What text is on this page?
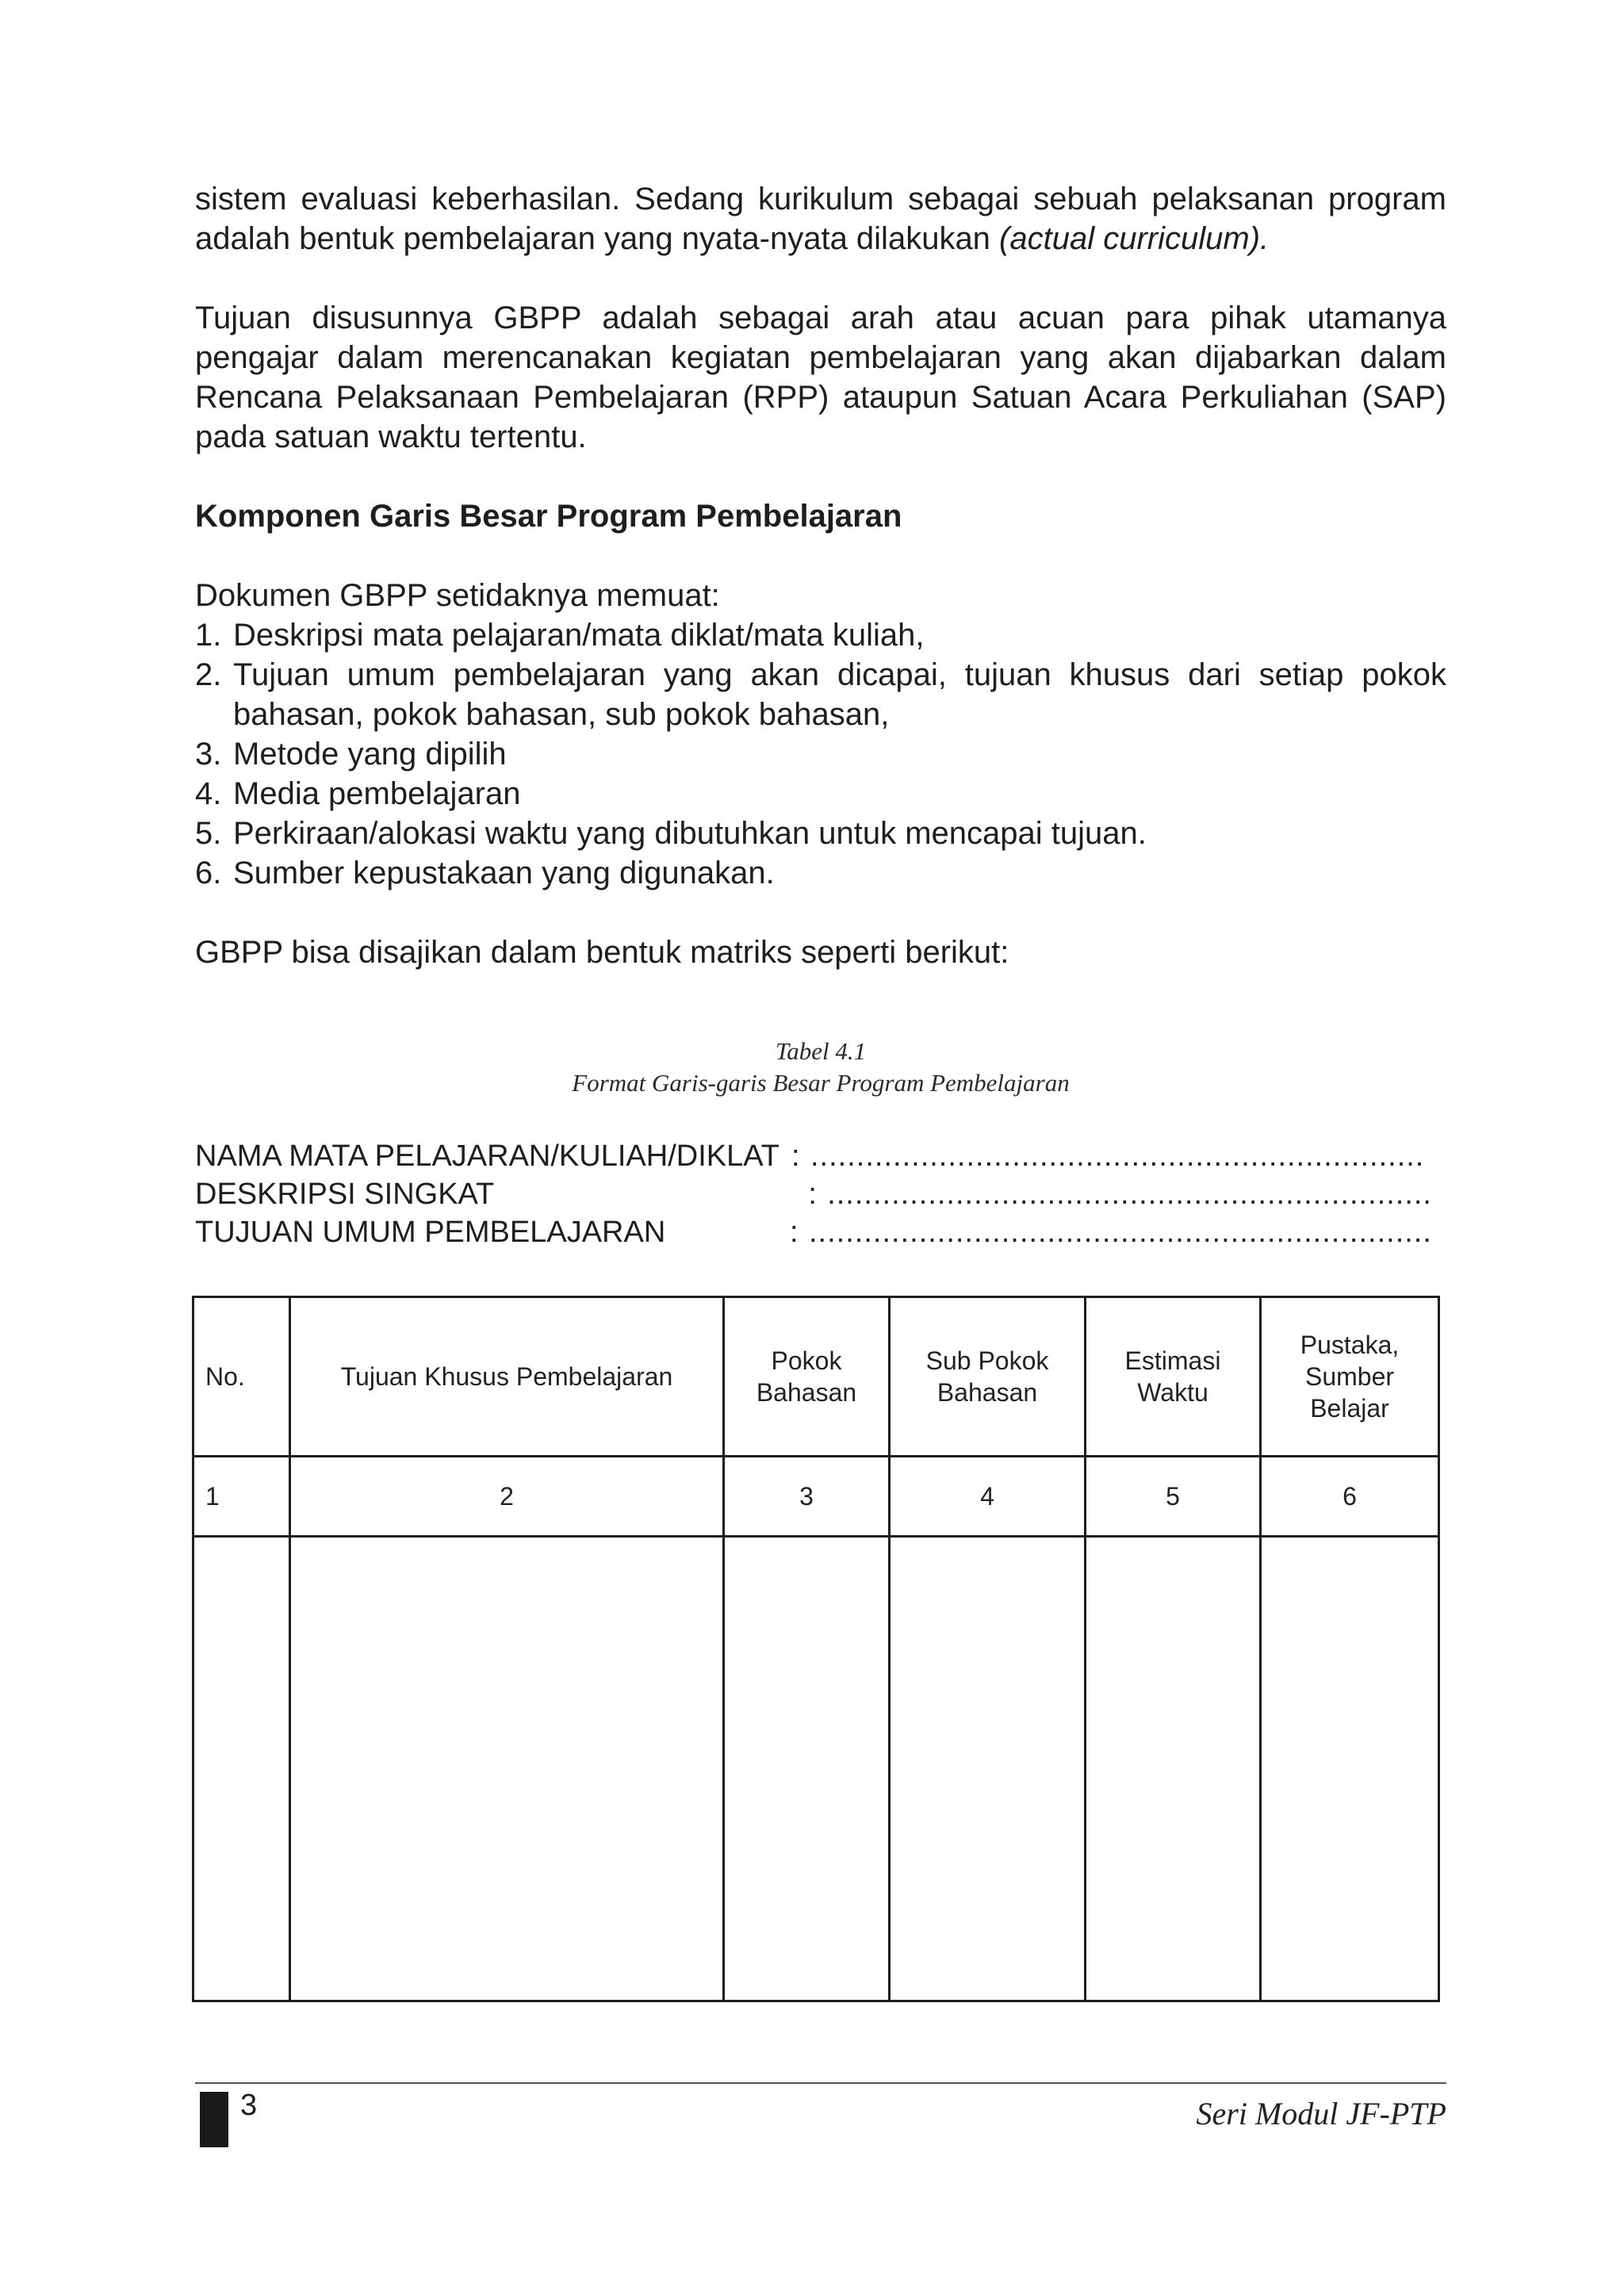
sistem evaluasi keberhasilan. Sedang kurikulum sebagai sebuah pelaksanan program adalah bentuk pembelajaran yang nyata-nyata dilakukan (actual curriculum).

Tujuan disusunnya GBPP adalah sebagai arah atau acuan para pihak utamanya pengajar dalam merencanakan kegiatan pembelajaran yang akan dijabarkan dalam Rencana Pelaksanaan Pembelajaran (RPP) ataupun Satuan Acara Perkuliahan (SAP) pada satuan waktu tertentu.

Komponen Garis Besar Program Pembelajaran

Dokumen GBPP setidaknya memuat:

1. Deskripsi mata pelajaran/mata diklat/mata kuliah,
2. Tujuan umum pembelajaran yang akan dicapai, tujuan khusus dari setiap pokok bahasan, pokok bahasan, sub pokok bahasan,
3. Metode yang dipilih
4. Media pembelajaran
5. Perkiraan/alokasi waktu yang dibutuhkan untuk mencapai tujuan.
6. Sumber kepustakaan yang digunakan.

GBPP bisa disajikan dalam bentuk matriks seperti berikut:

Tabel 4.1
Format Garis-garis Besar Program Pembelajaran
NAMA MATA PELAJARAN/KULIAH/DIKLAT : ...................................................................
DESKRIPSI SINGKAT	: ..................................................................
TUJUAN UMUM PEMBELAJARAN	: ....................................................................
No.	Tujuan Khusus Pembelajaran	Pokok Bahasan	Sub Pokok Bahasan	Estimasi Waktu	Pustaka, Sumber Belajar
1	2	3	4	5	6

3	Seri Modul JF-PTP
